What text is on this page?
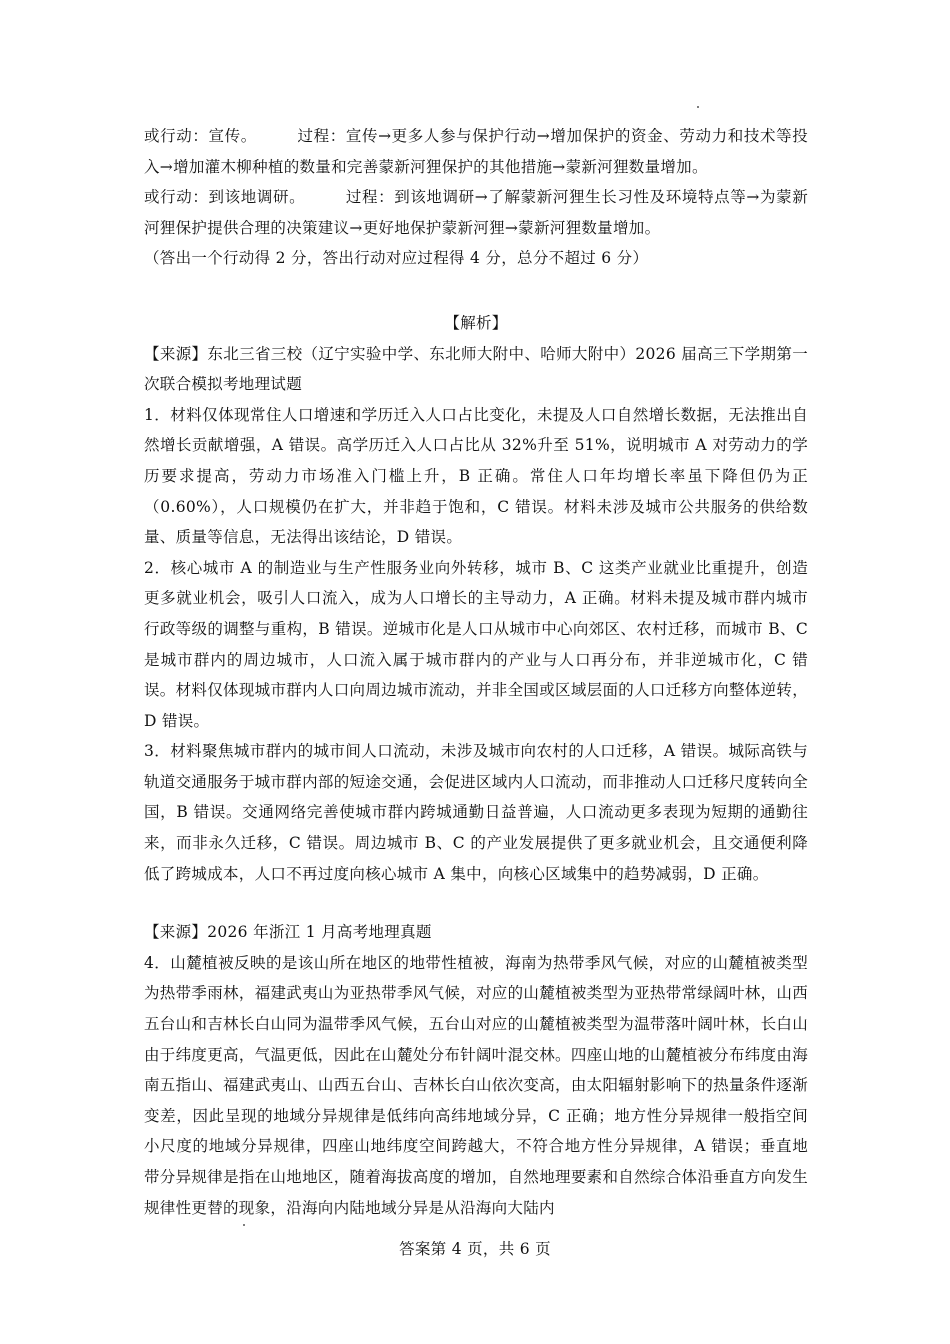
或行动：宣传。　　　过程：宣传→更多人参与保护行动→增加保护的资金、劳动力和技术等投入→增加灌木柳种植的数量和完善蒙新河狸保护的其他措施→蒙新河狸数量增加。

或行动：到该地调研。　　　过程：到该地调研→了解蒙新河狸生长习性及环境特点等→为蒙新河狸保护提供合理的决策建议→更好地保护蒙新河狸→蒙新河狸数量增加。

（答出一个行动得 2 分，答出行动对应过程得 4 分，总分不超过 6 分）

【解析】

【来源】东北三省三校（辽宁实验中学、东北师大附中、哈师大附中）2026 届高三下学期第一次联合模拟考地理试题

1．材料仅体现常住人口增速和学历迁入人口占比变化，未提及人口自然增长数据，无法推出自然增长贡献增强，A 错误。高学历迁入人口占比从 32%升至 51%，说明城市 A 对劳动力的学历要求提高，劳动力市场准入门槛上升，B 正确。常住人口年均增长率虽下降但仍为正（0.60%），人口规模仍在扩大，并非趋于饱和，C 错误。材料未涉及城市公共服务的供给数量、质量等信息，无法得出该结论，D 错误。

2．核心城市 A 的制造业与生产性服务业向外转移，城市 B、C 这类产业就业比重提升，创造更多就业机会，吸引人口流入，成为人口增长的主导动力，A 正确。材料未提及城市群内城市行政等级的调整与重构，B 错误。逆城市化是人口从城市中心向郊区、农村迁移，而城市 B、C 是城市群内的周边城市，人口流入属于城市群内的产业与人口再分布，并非逆城市化，C 错误。材料仅体现城市群内人口向周边城市流动，并非全国或区域层面的人口迁移方向整体逆转，D 错误。

3．材料聚焦城市群内的城市间人口流动，未涉及城市向农村的人口迁移，A 错误。城际高铁与轨道交通服务于城市群内部的短途交通，会促进区域内人口流动，而非推动人口迁移尺度转向全国，B 错误。交通网络完善使城市群内跨城通勤日益普遍，人口流动更多表现为短期的通勤往来，而非永久迁移，C 错误。周边城市 B、C 的产业发展提供了更多就业机会，且交通便利降低了跨城成本，人口不再过度向核心城市 A 集中，向核心区域集中的趋势减弱，D 正确。

【来源】2026 年浙江 1 月高考地理真题

4．山麓植被反映的是该山所在地区的地带性植被，海南为热带季风气候，对应的山麓植被类型为热带季雨林，福建武夷山为亚热带季风气候，对应的山麓植被类型为亚热带常绿阔叶林，山西五台山和吉林长白山同为温带季风气候，五台山对应的山麓植被类型为温带落叶阔叶林，长白山由于纬度更高，气温更低，因此在山麓处分布针阔叶混交林。四座山地的山麓植被分布纬度由海南五指山、福建武夷山、山西五台山、吉林长白山依次变高，由太阳辐射影响下的热量条件逐渐变差，因此呈现的地域分异规律是低纬向高纬地域分异，C 正确；地方性分异规律一般指空间小尺度的地域分异规律，四座山地纬度空间跨越大，不符合地方性分异规律，A 错误；垂直地带分异规律是指在山地地区，随着海拔高度的增加，自然地理要素和自然综合体沿垂直方向发生规律性更替的现象，沿海向内陆地域分异是从沿海向大陆内

答案第 4 页，共 6 页
